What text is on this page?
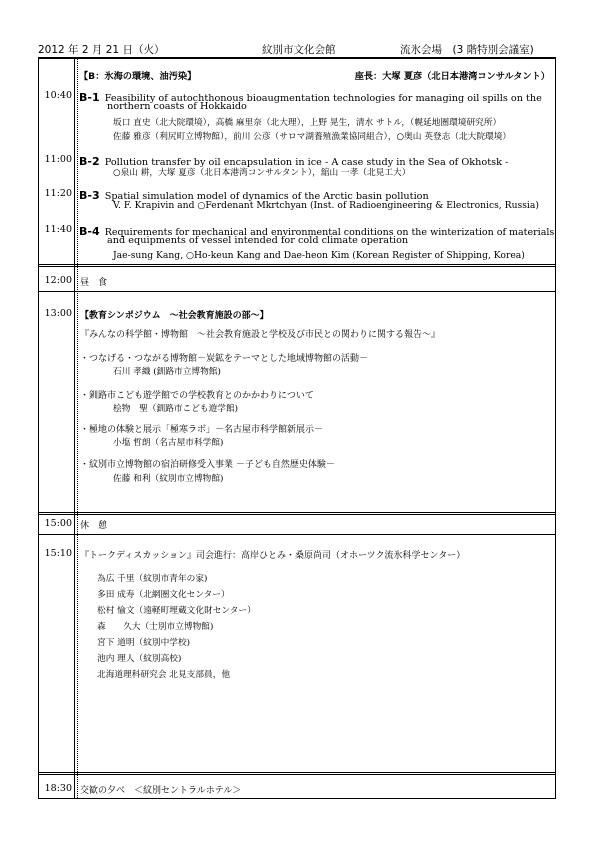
2012 年 2 月 21 日（火）	紋別市文化会館	流氷会場　(3 階特別会議室)
【B：氷海の環境、油汚染】	座長：大塚 夏彦（北日本港湾コンサルタント）
10:40 B-1 Feasibility of autochthonous bioaugmentation technologies for managing oil spills on the
northern coasts of Hokkaido
坂口 直史（北大院環境），高橋 麻里奈（北大理），上野 晃生，清水 サトル，（幌延地圏環境研究所）
佐藤 雅彦（利尻町立博物館），前川 公彦（サロマ湖養殖漁業協同組合），○奥山 英登志（北大院環境）
11:00 B-2 Pollution transfer by oil encapsulation in ice - A case study in the Sea of Okhotsk -
○泉山 耕，大塚 夏彦（北日本港湾コンサルタント），舘山 一孝（北見工大）
11:20 B-3 Spatial simulation model of dynamics of the Arctic basin pollution
V. F. Krapivin and ○Ferdenant Mkrtchyan (Inst. of Radioengineering & Electronics, Russia)
11:40 B-4 Requirements for mechanical and environmental conditions on the winterization of materials
and equipments of vessel intended for cold climate operation
Jae-sung Kang, ○Ho-keun Kang and Dae-heon Kim (Korean Register of Shipping, Korea)
12:00 昼　食
13:00 【教育シンポジウム　～社会教育施設の部～】
『みんなの科学館・博物館　～社会教育施設と学校及び市民との関わりに関する報告～』
・つなげる・つながる博物館－炭鉱をテーマとした地域博物館の活動－
石川 孝織 (釧路市立博物館)
・釧路市こども遊学館での学校教育とのかかわりについて
桧物　聖（釧路市こども遊学館)
・極地の体験と展示「極寒ラボ」－名古屋市科学館新展示－
小塩 哲朗（名古屋市科学館)
・紋別市立博物館の宿泊研修受入事業 －子ども自然歴史体験－
佐藤 和利（紋別市立博物館)
15:00 休　憩
15:10 『トークディスカッション』司会進行：高岸ひとみ・桑原尚司（オホーツク流氷科学センター）
為広 千里（紋別市青年の家)
多田 成寿（北網圏文化センター）
松村 愉文（遠軽町埋蔵文化財センター）
森　　久大（士別市立博物館)
宮下 道明（紋別中学校)
池内 理人（紋別高校)
北海道理科研究会 北見支部員，他
18:30 交歓の夕べ　＜紋別セントラルホテル＞
